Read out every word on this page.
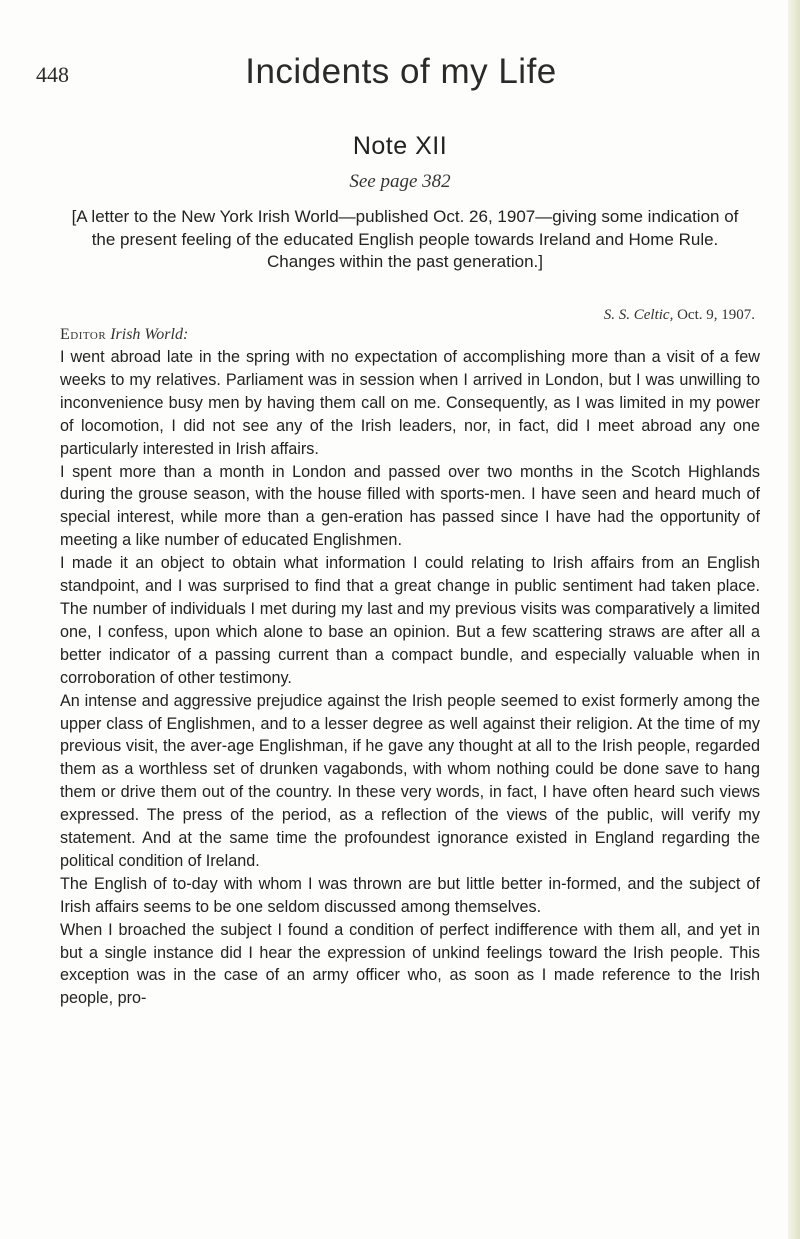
448	Incidents of my Life
Note XII
See page 382
[A letter to the New York Irish World—published Oct. 26, 1907—giving some indication of the present feeling of the educated English people towards Ireland and Home Rule. Changes within the past generation.]
S. S. Celtic, Oct. 9, 1907.
Editor Irish World:

I went abroad late in the spring with no expectation of accomplishing more than a visit of a few weeks to my relatives. Parliament was in session when I arrived in London, but I was unwilling to inconvenience busy men by having them call on me. Consequently, as I was limited in my power of locomotion, I did not see any of the Irish leaders, nor, in fact, did I meet abroad any one particularly interested in Irish affairs.

I spent more than a month in London and passed over two months in the Scotch Highlands during the grouse season, with the house filled with sports-men. I have seen and heard much of special interest, while more than a gen-eration has passed since I have had the opportunity of meeting a like number of educated Englishmen.

I made it an object to obtain what information I could relating to Irish affairs from an English standpoint, and I was surprised to find that a great change in public sentiment had taken place. The number of individuals I met during my last and my previous visits was comparatively a limited one, I confess, upon which alone to base an opinion. But a few scattering straws are after all a better indicator of a passing current than a compact bundle, and especially valuable when in corroboration of other testimony.

An intense and aggressive prejudice against the Irish people seemed to exist formerly among the upper class of Englishmen, and to a lesser degree as well against their religion. At the time of my previous visit, the aver-age Englishman, if he gave any thought at all to the Irish people, regarded them as a worthless set of drunken vagabonds, with whom nothing could be done save to hang them or drive them out of the country. In these very words, in fact, I have often heard such views expressed. The press of the period, as a reflection of the views of the public, will verify my statement. And at the same time the profoundest ignorance existed in England regarding the political condition of Ireland.

The English of to-day with whom I was thrown are but little better in-formed, and the subject of Irish affairs seems to be one seldom discussed among themselves.

When I broached the subject I found a condition of perfect indifference with them all, and yet in but a single instance did I hear the expression of unkind feelings toward the Irish people. This exception was in the case of an army officer who, as soon as I made reference to the Irish people, pro-
